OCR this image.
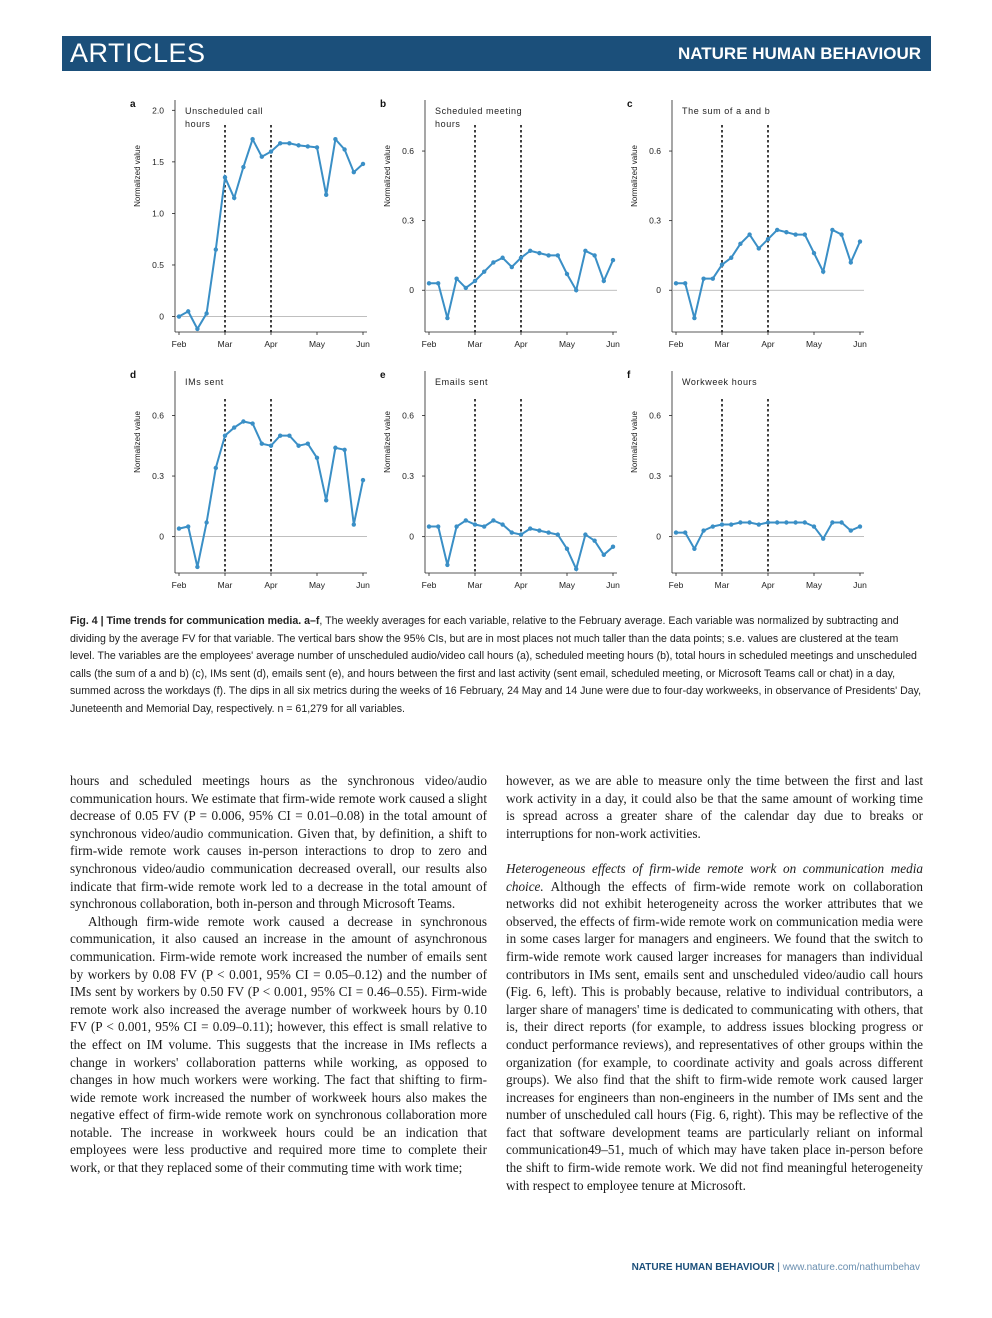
ARTICLES	NATURE HUMAN BEHAVIOUR
a
Unscheduled call
hours
0
0.5
1.0
1.5
2.0
Normalized value
Feb	Mar	Apr	May	Jun
b
Scheduled meeting
hours
0
0.3
0.6
Normalized value
Feb	Mar	Apr	May	Jun
c
The sum of a and b
0
0.3
0.6
Normalized value
Feb	Mar	Apr	May	Jun
d
IMs sent
0
0.3
0.6
Normalized value
Feb	Mar	Apr	May	Jun
e
Emails sent
0
0.3
0.6
Normalized value
Feb	Mar	Apr	May	Jun
f
Workweek hours
0
0.3
0.6
Normalized value
Feb	Mar	Apr	May	Jun
Fig. 4 | Time trends for communication media. a–f, The weekly averages for each variable, relative to the February average. Each variable was normalized by subtracting and dividing by the average FV for that variable. The vertical bars show the 95% CIs, but are in most places not much taller than the data points; s.e. values are clustered at the team level. The variables are the employees' average number of unscheduled audio/video call hours (a), scheduled meeting hours (b), total hours in scheduled meetings and unscheduled calls (the sum of a and b) (c), IMs sent (d), emails sent (e), and hours between the first and last activity (sent email, scheduled meeting, or Microsoft Teams call or chat) in a day, summed across the workdays (f). The dips in all six metrics during the weeks of 16 February, 24 May and 14 June were due to four-day workweeks, in observance of Presidents' Day, Juneteenth and Memorial Day, respectively. n = 61,279 for all variables.

hours and scheduled meetings hours as the synchronous video/audio communication hours. We estimate that firm-wide remote work caused a slight decrease of 0.05 FV (P = 0.006, 95% CI = 0.01–0.08) in the total amount of synchronous video/audio communication. Given that, by definition, a shift to firm-wide remote work causes in-person interactions to drop to zero and synchronous video/audio communication decreased overall, our results also indicate that firm-wide remote work led to a decrease in the total amount of synchronous collaboration, both in-person and through Microsoft Teams.

Although firm-wide remote work caused a decrease in synchronous communication, it also caused an increase in the amount of asynchronous communication. Firm-wide remote work increased the number of emails sent by workers by 0.08 FV (P < 0.001, 95% CI = 0.05–0.12) and the number of IMs sent by workers by 0.50 FV (P < 0.001, 95% CI = 0.46–0.55). Firm-wide remote work also increased the average number of workweek hours by 0.10 FV (P < 0.001, 95% CI = 0.09–0.11); however, this effect is small relative to the effect on IM volume. This suggests that the increase in IMs reflects a change in workers' collaboration patterns while working, as opposed to changes in how much workers were working. The fact that shifting to firm-wide remote work increased the number of workweek hours also makes the negative effect of firm-wide remote work on synchronous collaboration more notable. The increase in workweek hours could be an indication that employees were less productive and required more time to complete their work, or that they replaced some of their commuting time with work time;

however, as we are able to measure only the time between the first and last work activity in a day, it could also be that the same amount of working time is spread across a greater share of the calendar day due to breaks or interruptions for non-work activities.

Heterogeneous effects of firm-wide remote work on communication media choice. Although the effects of firm-wide remote work on collaboration networks did not exhibit heterogeneity across the worker attributes that we observed, the effects of firm-wide remote work on communication media were in some cases larger for managers and engineers. We found that the switch to firm-wide remote work caused larger increases for managers than individual contributors in IMs sent, emails sent and unscheduled video/audio call hours (Fig. 6, left). This is probably because, relative to individual contributors, a larger share of managers' time is dedicated to communicating with others, that is, their direct reports (for example, to address issues blocking progress or conduct performance reviews), and representatives of other groups within the organization (for example, to coordinate activity and goals across different groups). We also find that the shift to firm-wide remote work caused larger increases for engineers than non-engineers in the number of IMs sent and the number of unscheduled call hours (Fig. 6, right). This may be reflective of the fact that software development teams are particularly reliant on informal communication49–51, much of which may have taken place in-person before the shift to firm-wide remote work. We did not find meaningful heterogeneity with respect to employee tenure at Microsoft.

NATURE HUMAN BEHAVIOUR | www.nature.com/nathumbehav
